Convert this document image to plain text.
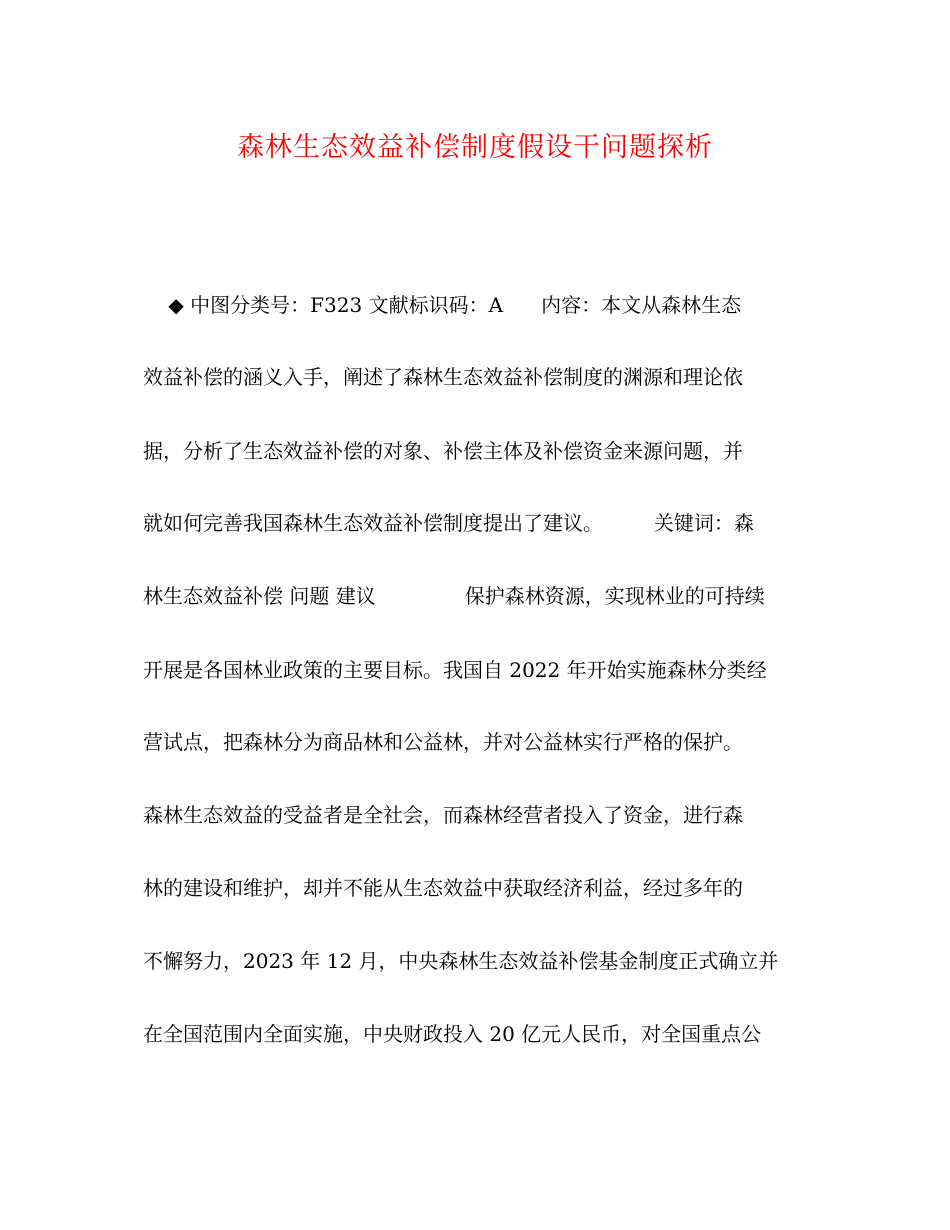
森林生态效益补偿制度假设干问题探析

◆ 中图分类号：F323 文献标识码：A      内容：本文从森林生态

效益补偿的涵义入手，阐述了森林生态效益补偿制度的渊源和理论依

据，分析了生态效益补偿的对象、补偿主体及补偿资金来源问题，并

就如何完善我国森林生态效益补偿制度提出了建议。        关键词：森

林生态效益补偿 问题 建议              保护森林资源，实现林业的可持续

开展是各国林业政策的主要目标。我国自 2022 年开始实施森林分类经

营试点，把森林分为商品林和公益林，并对公益林实行严格的保护。

森林生态效益的受益者是全社会，而森林经营者投入了资金，进行森

林的建设和维护，却并不能从生态效益中获取经济利益，经过多年的

不懈努力，2023 年 12 月，中央森林生态效益补偿基金制度正式确立并

在全国范围内全面实施，中央财政投入 20 亿元人民币，对全国重点公
